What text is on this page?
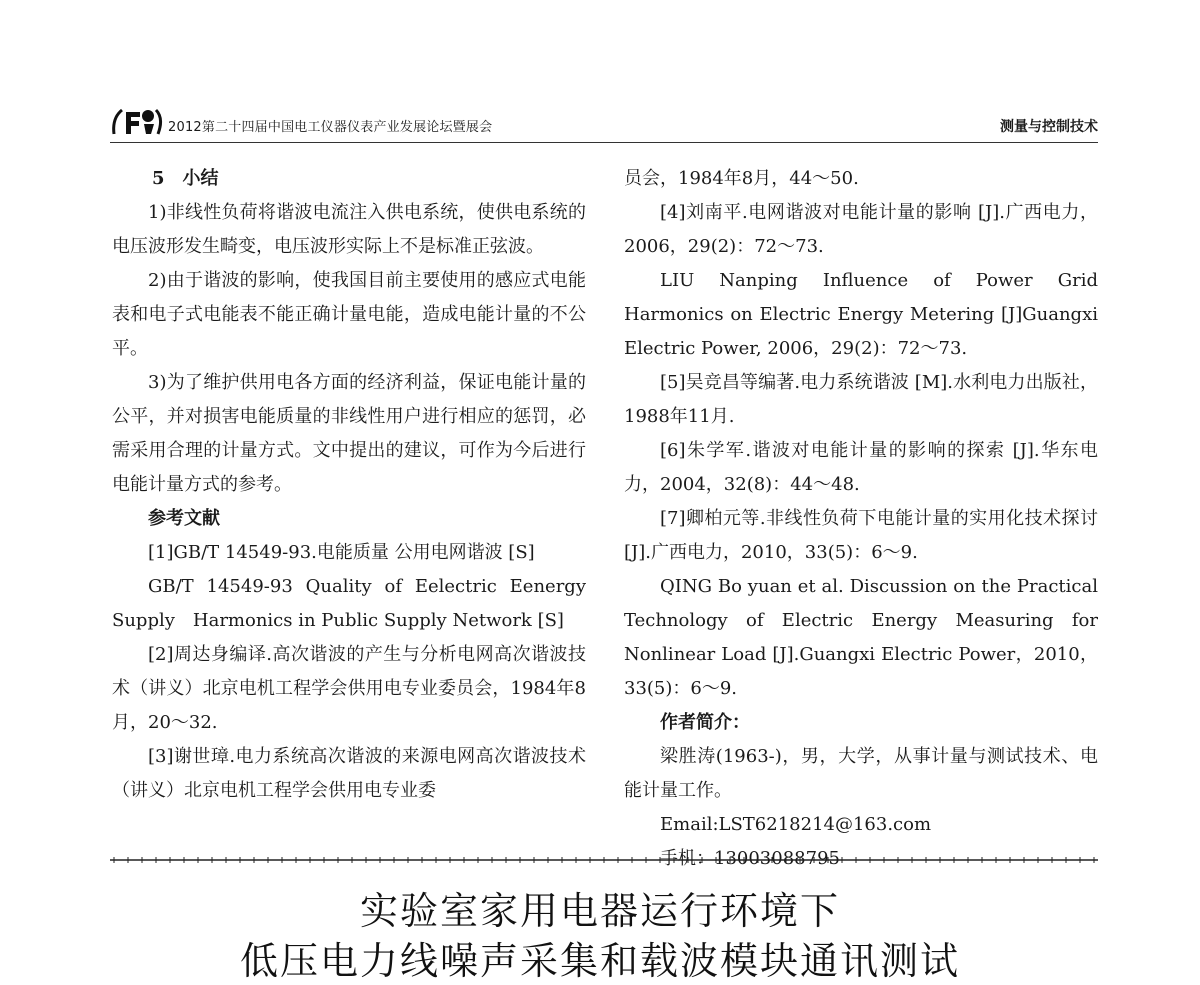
2012第二十四届中国电工仪器仪表产业发展论坛暨展会	测量与控制技术

5　小结

1)非线性负荷将谐波电流注入供电系统，使供电系统的电压波形发生畸变，电压波形实际上不是标准正弦波。

2)由于谐波的影响，使我国目前主要使用的感应式电能表和电子式电能表不能正确计量电能，造成电能计量的不公平。

3)为了维护供用电各方面的经济利益，保证电能计量的公平，并对损害电能质量的非线性用户进行相应的惩罚，必需采用合理的计量方式。文中提出的建议，可作为今后进行电能计量方式的参考。

参考文献

[1]GB/T 14549-93.电能质量 公用电网谐波 [S]

GB/T 14549-93 Quality of Eelectric Eenergy Supply　Harmonics in Public Supply Network [S]

[2]周达身编译.高次谐波的产生与分析电网高次谐波技术（讲义）北京电机工程学会供用电专业委员会，1984年8月，20～32.

[3]谢世璋.电力系统高次谐波的来源电网高次谐波技术（讲义）北京电机工程学会供用电专业委

员会，1984年8月，44～50.

[4]刘南平.电网谐波对电能计量的影响 [J].广西电力，2006，29(2)：72～73.

LIU Nanping Influence of Power Grid Harmonics on Electric Energy Metering [J]Guangxi Electric Power, 2006，29(2)：72～73.

[5]吴竞昌等编著.电力系统谐波 [M].水利电力出版社，1988年11月.

[6]朱学军.谐波对电能计量的影响的探索 [J].华东电力，2004，32(8)：44～48.

[7]卿柏元等.非线性负荷下电能计量的实用化技术探讨[J].广西电力，2010，33(5)：6～9.

QING Bo yuan et al. Discussion on the Practical Technology of Electric Energy Measuring for Nonlinear Load [J].Guangxi Electric Power，2010，33(5)：6～9.

作者简介：

梁胜涛(1963-)，男，大学，从事计量与测试技术、电能计量工作。

Email:LST6218214@163.com

手机：13003088795

实验室家用电器运行环境下
低压电力线噪声采集和载波模块通讯测试
